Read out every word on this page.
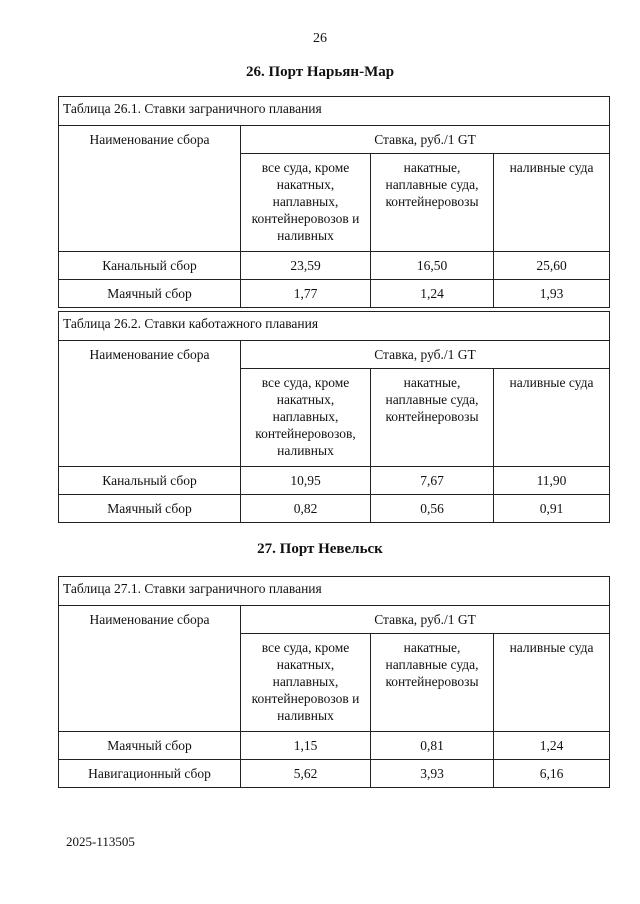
26
26. Порт Нарьян-Мар
Таблица 26.1. Ставки заграничного плавания			
Наименование сбора	Ставка, руб./1 GT		
	все суда, кроме накатных, наплавных, контейнеровозов и наливных	накатные, наплавные суда, контейнеровозы	наливные суда
Канальный сбор	23,59	16,50	25,60
Маячный сбор	1,77	1,24	1,93
Таблица 26.2. Ставки каботажного плавания			
Наименование сбора	Ставка, руб./1 GT		
	все суда, кроме накатных, наплавных, контейнеровозов, наливных	накатные, наплавные суда, контейнеровозы	наливные суда
Канальный сбор	10,95	7,67	11,90
Маячный сбор	0,82	0,56	0,91
27. Порт Невельск
Таблица 27.1. Ставки заграничного плавания			
Наименование сбора	Ставка, руб./1 GT		
	все суда, кроме накатных, наплавных, контейнеровозов и наливных	накатные, наплавные суда, контейнеровозы	наливные суда
Маячный сбор	1,15	0,81	1,24
Навигационный сбор	5,62	3,93	6,16
2025-113505
